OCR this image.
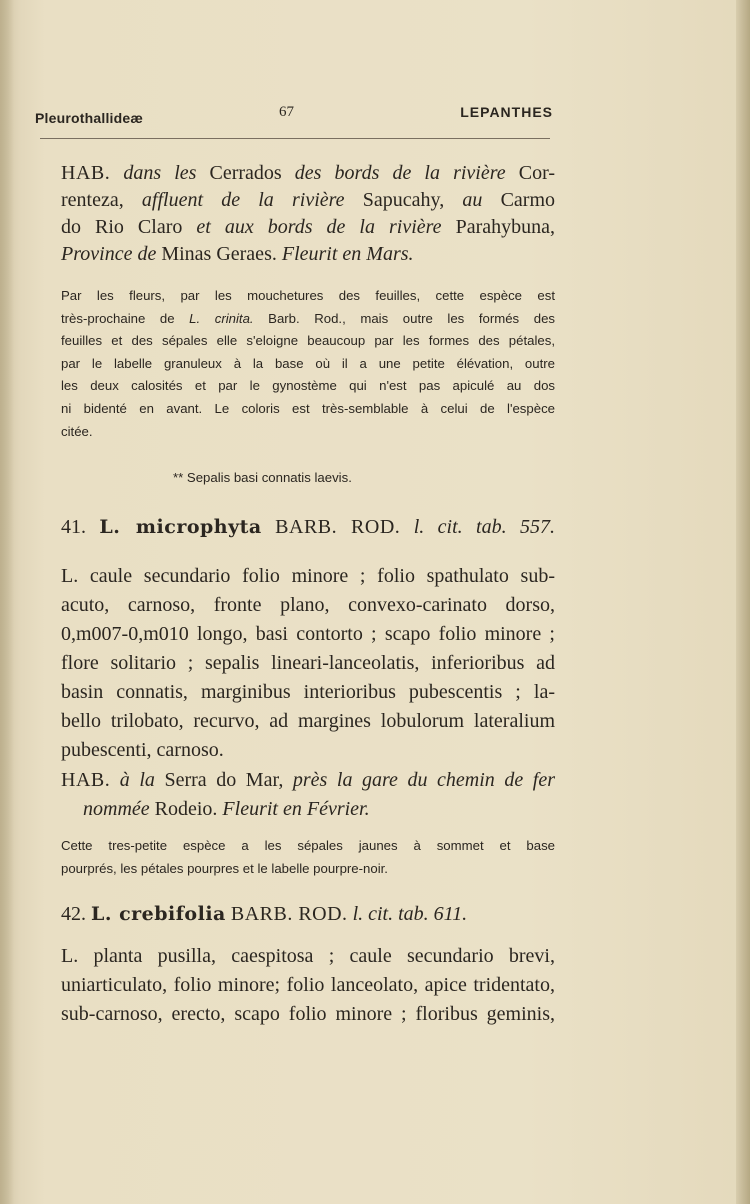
Pleurothallideæ	67	LEPANTHES
HAB. dans les Cerrados des bords de la rivière Cor-
renteza, affluent de la rivière Sapucahy, au Carmo
do Rio Claro et aux bords de la rivière Parahybuna,
Province de Minas Geraes. Fleurit en Mars.
Par les fleurs, par les mouchetures des feuilles, cette espèce est
très-prochaine de L. crinita. Barb. Rod., mais outre les formés des
feuilles et des sépales elle s'eloigne beaucoup par les formes des pétales,
par le labelle granuleux à la base où il a une petite élévation, outre
les deux calosités et par le gynostème qui n'est pas apiculé au dos
ni bidenté en avant. Le coloris est très-semblable à celui de l'espèce
citée.
** Sepalis basi connatis laevis.
41. L. microphyta BARB. ROD. l. cit. tab. 557.
L. caule secundario folio minore ; folio spathulato sub-
acuto, carnoso, fronte plano, convexo-carinato dorso,
0,m007-0,m010 longo, basi contorto ; scapo folio minore ;
flore solitario ; sepalis lineari-lanceolatis, inferioribus ad
basin connatis, marginibus interioribus pubescentis ; la-
bello trilobato, recurvo, ad margines lobulorum lateralium
pubescenti, carnoso.
HAB. à la Serra do Mar, près la gare du chemin de fer
nommée Rodeio. Fleurit en Février.
Cette tres-petite espèce a les sépales jaunes à sommet et base
pourprés, les pétales pourpres et le labelle pourpre-noir.
42. L. crebifolia BARB. ROD. l. cit. tab. 611.
L. planta pusilla, caespitosa ; caule secundario brevi,
uniarticulato, folio minore; folio lanceolato, apice tridentato,
sub-carnoso, erecto, scapo folio minore ; floribus geminis,
